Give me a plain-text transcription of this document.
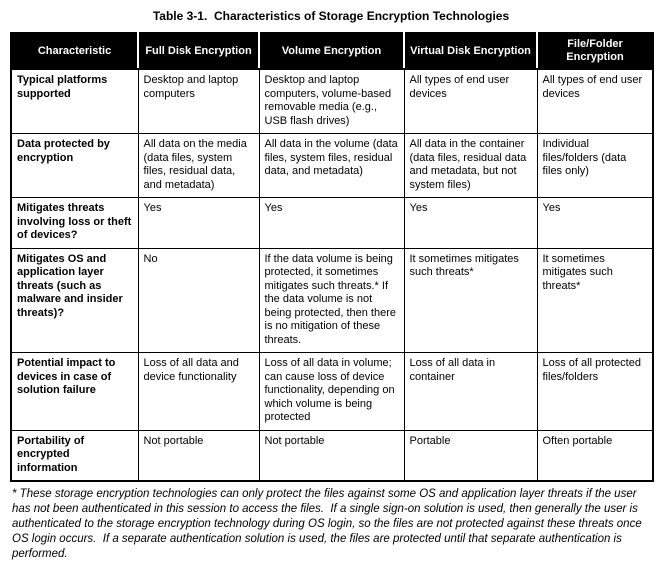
Table 3-1.  Characteristics of Storage Encryption Technologies
Characteristic	Full Disk Encryption	Volume Encryption	Virtual Disk Encryption	File/Folder Encryption
Typical platforms supported	Desktop and laptop computers	Desktop and laptop computers, volume-based removable media (e.g., USB flash drives)	All types of end user devices	All types of end user devices
Data protected by encryption	All data on the media (data files, system files, residual data, and metadata)	All data in the volume (data files, system files, residual data, and metadata)	All data in the container (data files, residual data and metadata, but not system files)	Individual files/folders (data files only)
Mitigates threats involving loss or theft of devices?	Yes	Yes	Yes	Yes
Mitigates OS and application layer threats (such as malware and insider threats)?	No	If the data volume is being protected, it sometimes mitigates such threats.* If the data volume is not being protected, then there is no mitigation of these threats.	It sometimes mitigates such threats*	It sometimes mitigates such threats*
Potential impact to devices in case of solution failure	Loss of all data and device functionality	Loss of all data in volume; can cause loss of device functionality, depending on which volume is being protected	Loss of all data in container	Loss of all protected files/folders
Portability of encrypted information	Not portable	Not portable	Portable	Often portable
* These storage encryption technologies can only protect the files against some OS and application layer threats if the user has not been authenticated in this session to access the files.  If a single sign-on solution is used, then generally the user is authenticated to the storage encryption technology during OS login, so the files are not protected against these threats once OS login occurs.  If a separate authentication solution is used, the files are protected until that separate authentication is performed.
